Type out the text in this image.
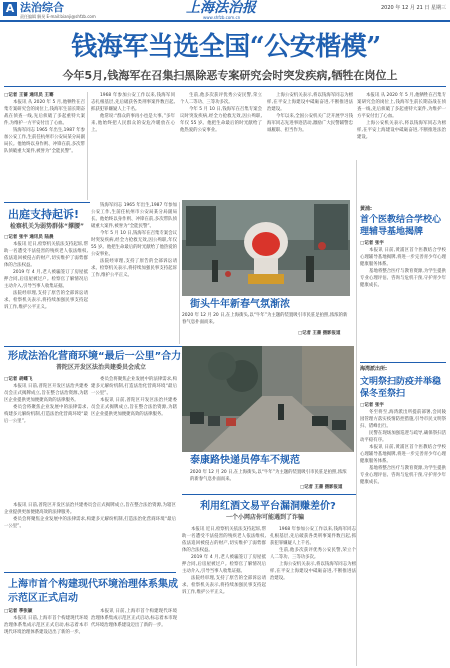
A 法治综合
责任编辑 解旻 E-mail:bianji@shfzb.com
上海法治报
www.shfzb.com.cn
2020 年 12 月 21 日 星期三
钱海军当选全国“公安楷模”
今年5月,钱海军在召集扫黑除恶专案研究会时突发疾病,牺牲在岗位上
□记者 王蔷 通讯员 王骞

本报讯 从 2020 年 5 月,他牺牲在召集专案研究会的岗位上,钱海军生前长期奋战在侦查一线,先后侦破了多起重特大案件,为维护一方平安付出了心血。

钱海军同志 1965 年出生,1987 年参加公安工作,生前任杭州市公安局某分局副局长。他始终以身作则、冲锋在前,多次带队侦破重大案件,被誉为“全能民警”。

1968 年参加公安工作以来,钱海军同志扎根基层,先后破获各类刑事案件数百起,抓获犯罪嫌疑人上千名。

他常说:“群众的事再小也是大事。”多年来,他始终把人民群众的安危冷暖放在心上。

生前,他多次获评优秀公安民警,荣立个人二等功、三等功多次。

今年 5 月 10 日,钱海军在召集专案会议时突发疾病,经全力抢救无效,因公殉职,年仅 55 岁。他把生命最后的时光献给了他热爱的公安事业。

上海公安机关表示,将以钱海军同志为榜样,在平安上海建设中砥砺奋进,不断推进法治建设。

今年以来,全国公安机关广泛开展学习钱海军同志先进事迹活动,激励广大民警辅警忠诚履职、担当作为。

本报讯 从 2020 年 5 月,他牺牲在召集专案研究会的岗位上,钱海军生前长期奋战在侦查一线,先后侦破了多起重特大案件,为维护一方平安付出了心血。

上海公安机关表示,将以钱海军同志为榜样,在平安上海建设中砥砺奋进,不断推进法治建设。

出庭支持起诉!
检察机关为弱势群体“撑腰”
□记者 张宇 通讯员 陆晨

本报讯 近日,检察机关依法支持起诉,帮助一名遭受不法侵害的残疾老人依法维权,依法追回被侵占的财产,切实维护了弱势群体的合法权益。

2019 年 4 月,老人被骗签订了房屋抵押合同,后房屋被过户。检察官了解情况后主动介入,引导当事人收集证据。

法院经审理,支持了原告的全部诉讼请求。检察机关表示,将持续加强民事支持起诉工作,维护公平正义。

钱海军同志 1965 年出生,1987 年参加公安工作,生前任杭州市公安局某分局副局长。他始终以身作则、冲锋在前,多次带队侦破重大案件,被誉为“全能民警”。

今年 5 月 10 日,钱海军在召集专案会议时突发疾病,经全力抢救无效,因公殉职,年仅 55 岁。他把生命最后的时光献给了他热爱的公安事业。

法院经审理,支持了原告的全部诉讼请求。检察机关表示,将持续加强民事支持起诉工作,维护公平正义。

形成法治化营商环境“最后一公里”合力
普陀区开发区法治共建委员会成立
□记者 胡蝶飞

本报讯 日前,普陀区开发区法治共建委员会正式揭牌成立,旨在整合法治资源,为辖区企业提供更加便捷高效的法律服务。

委员会将聚焦企业发展中的法律需求,构建多元解纷机制,打造法治化营商环境“最后一公里”。

委员会将聚焦企业发展中的法律需求,构建多元解纷机制,打造法治化营商环境“最后一公里”。

本报讯 日前,普陀区开发区法治共建委员会正式揭牌成立,旨在整合法治资源,为辖区企业提供更加便捷高效的法律服务。

上海市首个构建现代环境治理体系集成示范区正式启动
□记者 季张颖

本报讯 日前,上海市首个构建现代环境治理体系集成示范区正式启动,标志着本市现代环境治理体系建设迈出了新的一步。

本报讯 日前,上海市首个构建现代环境治理体系集成示范区正式启动,标志着本市现代环境治理体系建设迈出了新的一步。

本报讯 日前,普陀区开发区法治共建委员会正式揭牌成立,旨在整合法治资源,为辖区企业提供更加便捷高效的法律服务。

委员会将聚焦企业发展中的法律需求,构建多元解纷机制,打造法治化营商环境“最后一公里”。

街头牛年新春气氛渐浓
2020 年 12 月 20 日,在上海街头,以“牛年”为主题的装置吸引市民驻足拍照,浓浓的新春气息扑面而来。
□记者 王蔷 摄影报道
泰康路快递员停车不规范
2020 年 12 月 20 日,在上海街头,以“牛年”为主题的装置吸引市民驻足拍照,浓浓的新春气息扑面而来。
□记者 王蔷 摄影报道
利用红酒文易平台漏洞赚差价?
一个小网店你可能遇到了诈骗

本报讯 近日,检察机关依法支持起诉,帮助一名遭受不法侵害的残疾老人依法维权,依法追回被侵占的财产,切实维护了弱势群体的合法权益。

2019 年 4 月,老人被骗签订了房屋抵押合同,后房屋被过户。检察官了解情况后主动介入,引导当事人收集证据。

法院经审理,支持了原告的全部诉讼请求。检察机关表示,将持续加强民事支持起诉工作,维护公平正义。

1968 年参加公安工作以来,钱海军同志扎根基层,先后破获各类刑事案件数百起,抓获犯罪嫌疑人上千名。

生前,他多次获评优秀公安民警,荣立个人二等功、三等功多次。

上海公安机关表示,将以钱海军同志为榜样,在平安上海建设中砥砺奋进,不断推进法治建设。

黄浦:
首个医教结合学校心理辅导基地揭牌
□记者 张宇

本报讯 日前,黄浦区首个医教结合学校心理辅导基地揭牌,将进一步完善青少年心理健康服务体系。

基地将整合医疗与教育资源,为学生提供专业心理评估、咨询与危机干预,守护青少年健康成长。

海湾派出所:
文明祭扫防疫并举稳保冬至祭扫
□记者 张宇

冬至将至,海湾派出所提前部署,会同陵园管理方落实疫情防控措施,引导市民文明祭扫、错峰出行。

民警在现场加强巡逻与疏导,确保祭扫活动平稳有序。

本报讯 日前,黄浦区首个医教结合学校心理辅导基地揭牌,将进一步完善青少年心理健康服务体系。

基地将整合医疗与教育资源,为学生提供专业心理评估、咨询与危机干预,守护青少年健康成长。
